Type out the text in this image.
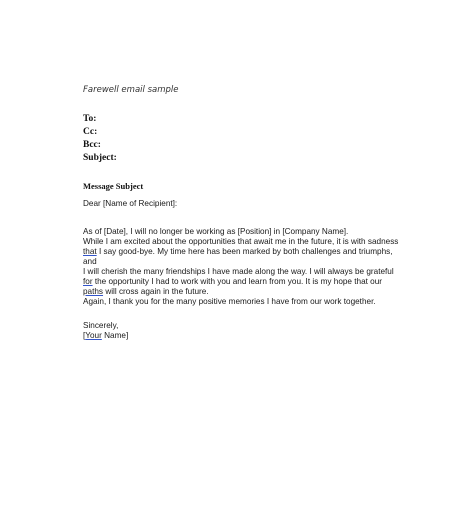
Farewell email sample
To:
Cc:
Bcc:
Subject:
Message Subject
Dear [Name of Recipient]:
As of [Date], I will no longer be working as [Position] in [Company Name].
While I am excited about the opportunities that await me in the future, it is with sadness
that I say good-bye. My time here has been marked by both challenges and triumphs,
and
I will cherish the many friendships I have made along the way. I will always be grateful
for the opportunity I had to work with you and learn from you. It is my hope that our
paths will cross again in the future.
Again, I thank you for the many positive memories I have from our work together.
Sincerely,
[Your Name]
